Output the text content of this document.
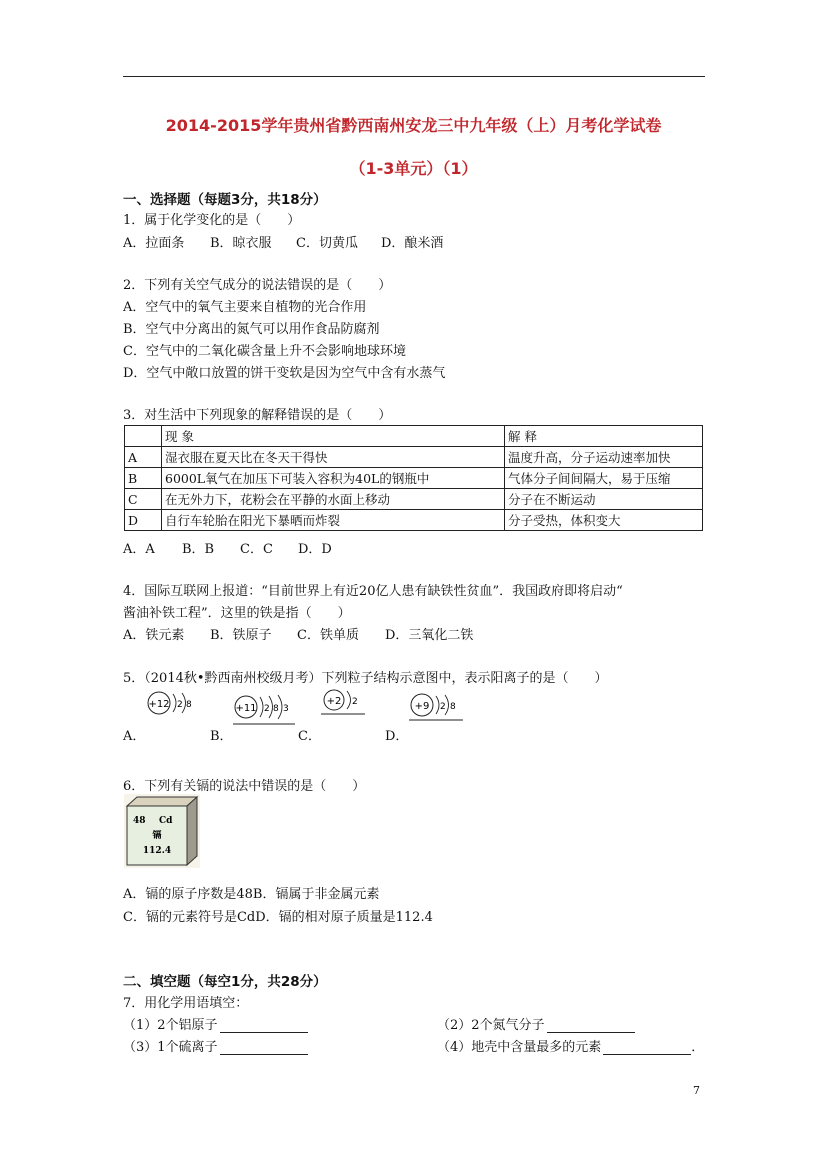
2014-2015学年贵州省黔西南州安龙三中九年级（上）月考化学试卷
（1-3单元）（1）
一、选择题（每题3分，共18分）
1．属于化学变化的是（　　）
A．拉面条 B．晾衣服 C．切黄瓜 D．酿米酒
2．下列有关空气成分的说法错误的是（　　）
A．空气中的氧气主要来自植物的光合作用
B．空气中分离出的氮气可以用作食品防腐剂
C．空气中的二氧化碳含量上升不会影响地球环境
D．空气中敞口放置的饼干变软是因为空气中含有水蒸气
3．对生活中下列现象的解释错误的是（　　）
	现 象	解 释
A	湿衣服在夏天比在冬天干得快	温度升高，分子运动速率加快
B	6000L氧气在加压下可装入容积为40L的钢瓶中	气体分子间间隔大，易于压缩
C	在无外力下，花粉会在平静的水面上移动	分子在不断运动
D	自行车轮胎在阳光下暴晒而炸裂	分子受热，体积变大
A．A B．B C．C D．D
4．国际互联网上报道：“目前世界上有近20亿人患有缺铁性贫血”．我国政府即将启动“
酱油补铁工程”．这里的铁是指（　　）
A．铁元素 B．铁原子 C．铁单质 D．三氧化二铁
5．（2014秋•黔西南州校级月考）下列粒子结构示意图中，表示阳离子的是（　　）
+12 2 8	+11 2 8 3
+2 2	+9 2 8
A．	B．	C．	D．
6．下列有关镉的说法中错误的是（　　）
48 Cd
镉
112.4
A．镉的原子序数是48B．镉属于非金属元素
C．镉的元素符号是CdD．镉的相对原子质量是112.4
二、填空题（每空1分，共28分）
7．用化学用语填空：
（1）2个铝原子	（2）2个氮气分子
（3）1个硫离子	（4）地壳中含量最多的元素	．
7
